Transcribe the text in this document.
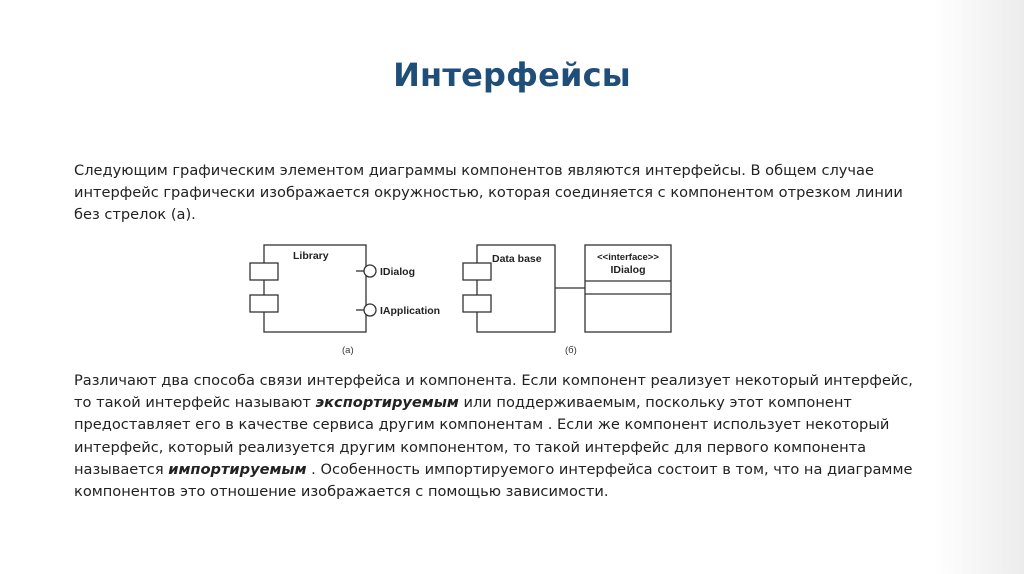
Интерфейсы
Следующим графическим элементом диаграммы компонентов являются интерфейсы. В общем случае
интерфейс графически изображается окружностью, которая соединяется с компонентом отрезком линии
без стрелок (а).
Library
IDialog
IApplication
(а)
Data base	<<interface>>
IDialog
(б)
Различают два способа связи интерфейса и компонента. Если компонент реализует некоторый интерфейс,
то такой интерфейс называют экспортируемым или поддерживаемым, поскольку этот компонент
предоставляет его в качестве сервиса другим компонентам . Если же компонент использует некоторый
интерфейс, который реализуется другим компонентом, то такой интерфейс для первого компонента
называется импортируемым . Особенность импортируемого интерфейса состоит в том, что на диаграмме
компонентов это отношение изображается с помощью зависимости.
